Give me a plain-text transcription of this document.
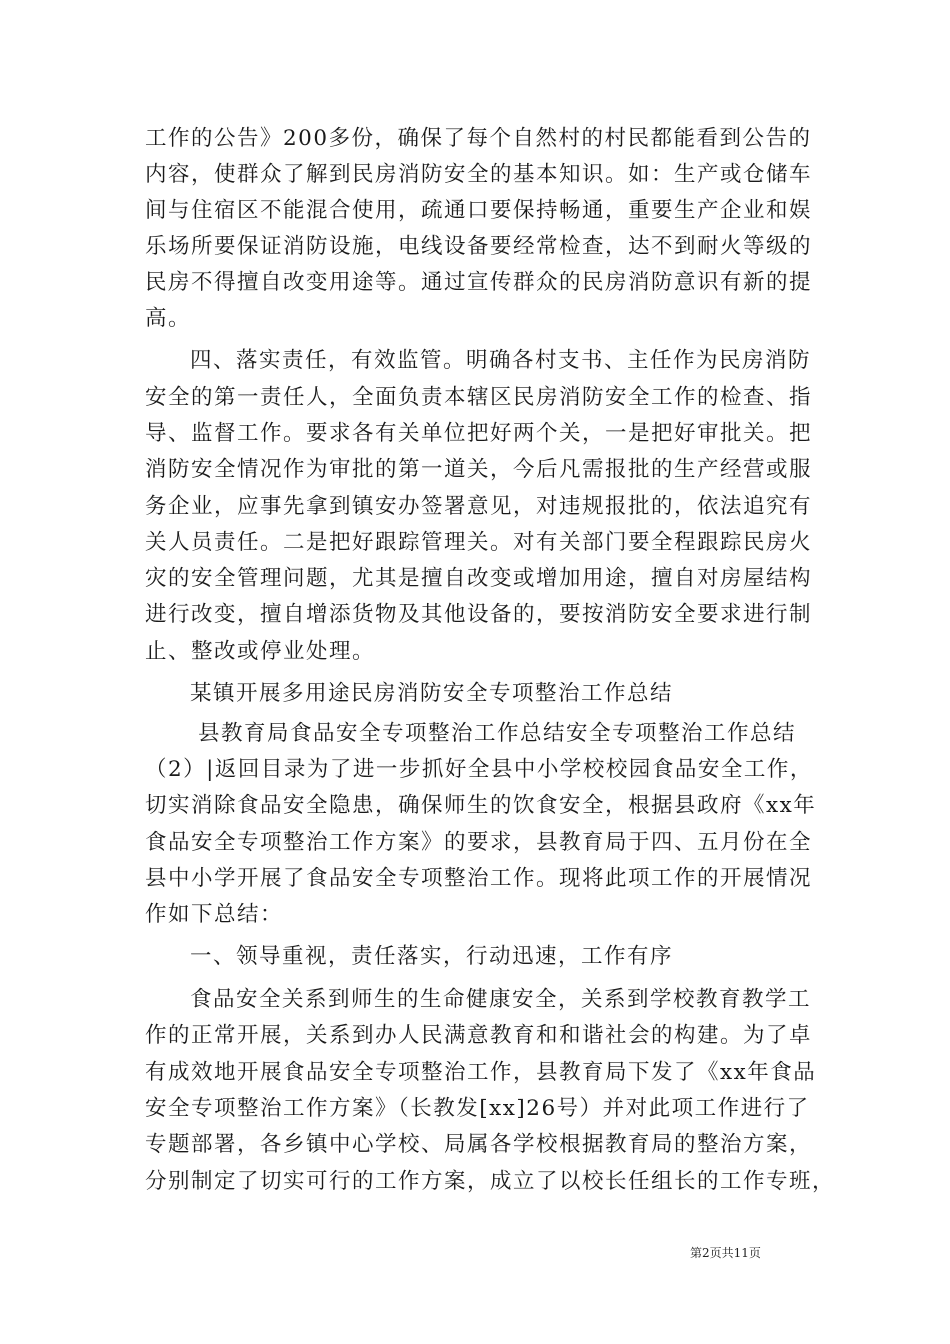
工作的公告》200多份，确保了每个自然村的村民都能看到公告的
内容，使群众了解到民房消防安全的基本知识。如：生产或仓储车
间与住宿区不能混合使用，疏通口要保持畅通，重要生产企业和娱
乐场所要保证消防设施，电线设备要经常检查，达不到耐火等级的
民房不得擅自改变用途等。通过宣传群众的民房消防意识有新的提
高。
四、落实责任，有效监管。明确各村支书、主任作为民房消防
安全的第一责任人，全面负责本辖区民房消防安全工作的检查、指
导、监督工作。要求各有关单位把好两个关，一是把好审批关。把
消防安全情况作为审批的第一道关，今后凡需报批的生产经营或服
务企业，应事先拿到镇安办签署意见，对违规报批的，依法追究有
关人员责任。二是把好跟踪管理关。对有关部门要全程跟踪民房火
灾的安全管理问题，尤其是擅自改变或增加用途，擅自对房屋结构
进行改变，擅自增添货物及其他设备的，要按消防安全要求进行制
止、整改或停业处理。
某镇开展多用途民房消防安全专项整治工作总结
县教育局食品安全专项整治工作总结安全专项整治工作总结
（2）|返回目录为了进一步抓好全县中小学校校园食品安全工作，
切实消除食品安全隐患，确保师生的饮食安全，根据县政府《xx年
食品安全专项整治工作方案》的要求，县教育局于四、五月份在全
县中小学开展了食品安全专项整治工作。现将此项工作的开展情况
作如下总结：
一、领导重视，责任落实，行动迅速，工作有序
食品安全关系到师生的生命健康安全，关系到学校教育教学工
作的正常开展，关系到办人民满意教育和和谐社会的构建。为了卓
有成效地开展食品安全专项整治工作，县教育局下发了《xx年食品
安全专项整治工作方案》（长教发[xx]26号）并对此项工作进行了
专题部署，各乡镇中心学校、局属各学校根据教育局的整治方案，
分别制定了切实可行的工作方案，成立了以校长任组长的工作专班，
第2页共11页
